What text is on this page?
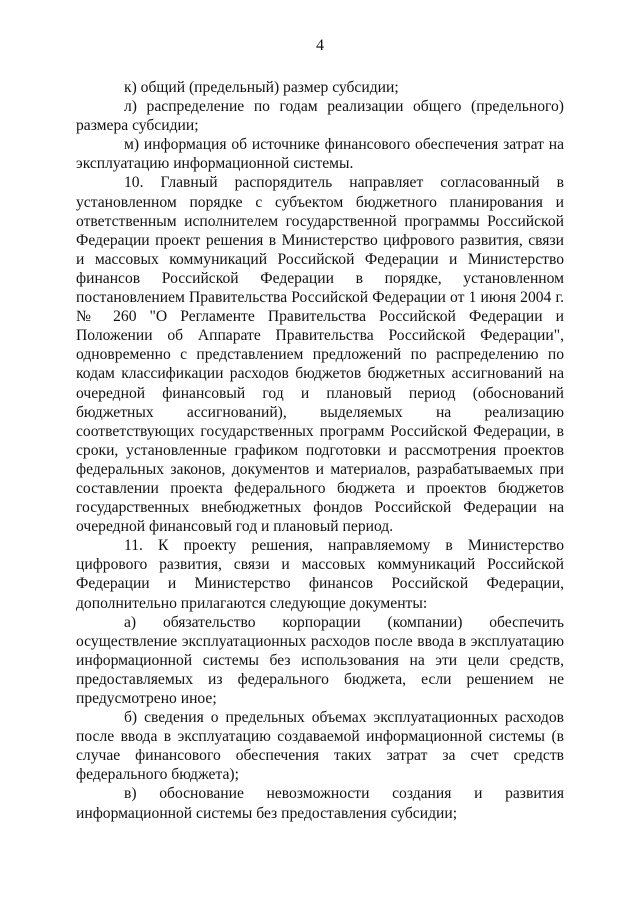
4

к) общий (предельный) размер субсидии;

л) распределение по годам реализации общего (предельного) размера субсидии;

м) информация об источнике финансового обеспечения затрат на эксплуатацию информационной системы.

10. Главный распорядитель направляет согласованный в установленном порядке с субъектом бюджетного планирования и ответственным исполнителем государственной программы Российской Федерации проект решения в Министерство цифрового развития, связи и массовых коммуникаций Российской Федерации и Министерство финансов Российской Федерации в порядке, установленном постановлением Правительства Российской Федерации от 1 июня 2004 г. № 260 "О Регламенте Правительства Российской Федерации и Положении об Аппарате Правительства Российской Федерации", одновременно с представлением предложений по распределению по кодам классификации расходов бюджетов бюджетных ассигнований на очередной финансовый год и плановый период (обоснований бюджетных ассигнований), выделяемых на реализацию соответствующих государственных программ Российской Федерации, в сроки, установленные графиком подготовки и рассмотрения проектов федеральных законов, документов и материалов, разрабатываемых при составлении проекта федерального бюджета и проектов бюджетов государственных внебюджетных фондов Российской Федерации на очередной финансовый год и плановый период.

11. К проекту решения, направляемому в Министерство цифрового развития, связи и массовых коммуникаций Российской Федерации и Министерство финансов Российской Федерации, дополнительно прилагаются следующие документы:

а) обязательство корпорации (компании) обеспечить осуществление эксплуатационных расходов после ввода в эксплуатацию информационной системы без использования на эти цели средств, предоставляемых из федерального бюджета, если решением не предусмотрено иное;

б) сведения о предельных объемах эксплуатационных расходов после ввода в эксплуатацию создаваемой информационной системы (в случае финансового обеспечения таких затрат за счет средств федерального бюджета);

в) обоснование невозможности создания и развития информационной системы без предоставления субсидии;
